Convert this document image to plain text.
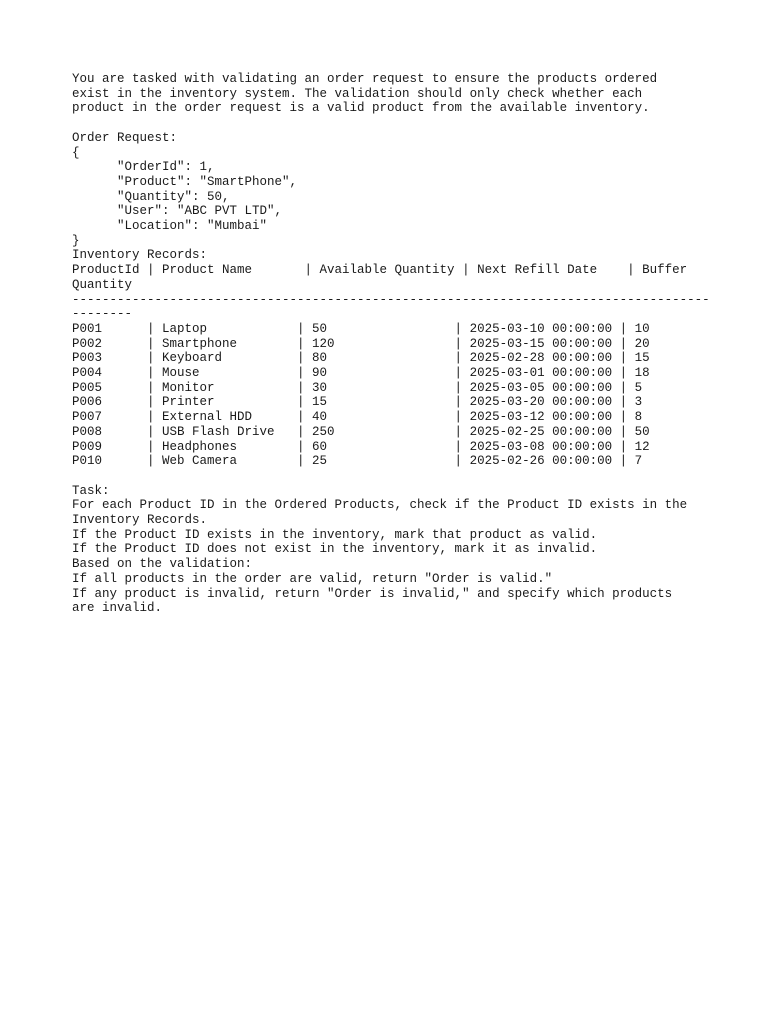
You are tasked with validating an order request to ensure the products ordered
exist in the inventory system. The validation should only check whether each
product in the order request is a valid product from the available inventory.
Order Request:
{
"OrderId": 1,
"Product": "SmartPhone",
"Quantity": 50,
"User": "ABC PVT LTD",
"Location": "Mumbai"
}
Inventory Records:
ProductId | Product Name       | Available Quantity | Next Refill Date    | Buffer
Quantity
-------------------------------------------------------------------------------------
--------
P001      | Laptop            | 50                 | 2025-03-10 00:00:00 | 10
P002      | Smartphone        | 120                | 2025-03-15 00:00:00 | 20
P003      | Keyboard          | 80                 | 2025-02-28 00:00:00 | 15
P004      | Mouse             | 90                 | 2025-03-01 00:00:00 | 18
P005      | Monitor           | 30                 | 2025-03-05 00:00:00 | 5
P006      | Printer           | 15                 | 2025-03-20 00:00:00 | 3
P007      | External HDD      | 40                 | 2025-03-12 00:00:00 | 8
P008      | USB Flash Drive   | 250                | 2025-02-25 00:00:00 | 50
P009      | Headphones        | 60                 | 2025-03-08 00:00:00 | 12
P010      | Web Camera        | 25                 | 2025-02-26 00:00:00 | 7
Task:
For each Product ID in the Ordered Products, check if the Product ID exists in the
Inventory Records.
If the Product ID exists in the inventory, mark that product as valid.
If the Product ID does not exist in the inventory, mark it as invalid.
Based on the validation:
If all products in the order are valid, return "Order is valid."
If any product is invalid, return "Order is invalid," and specify which products
are invalid.
